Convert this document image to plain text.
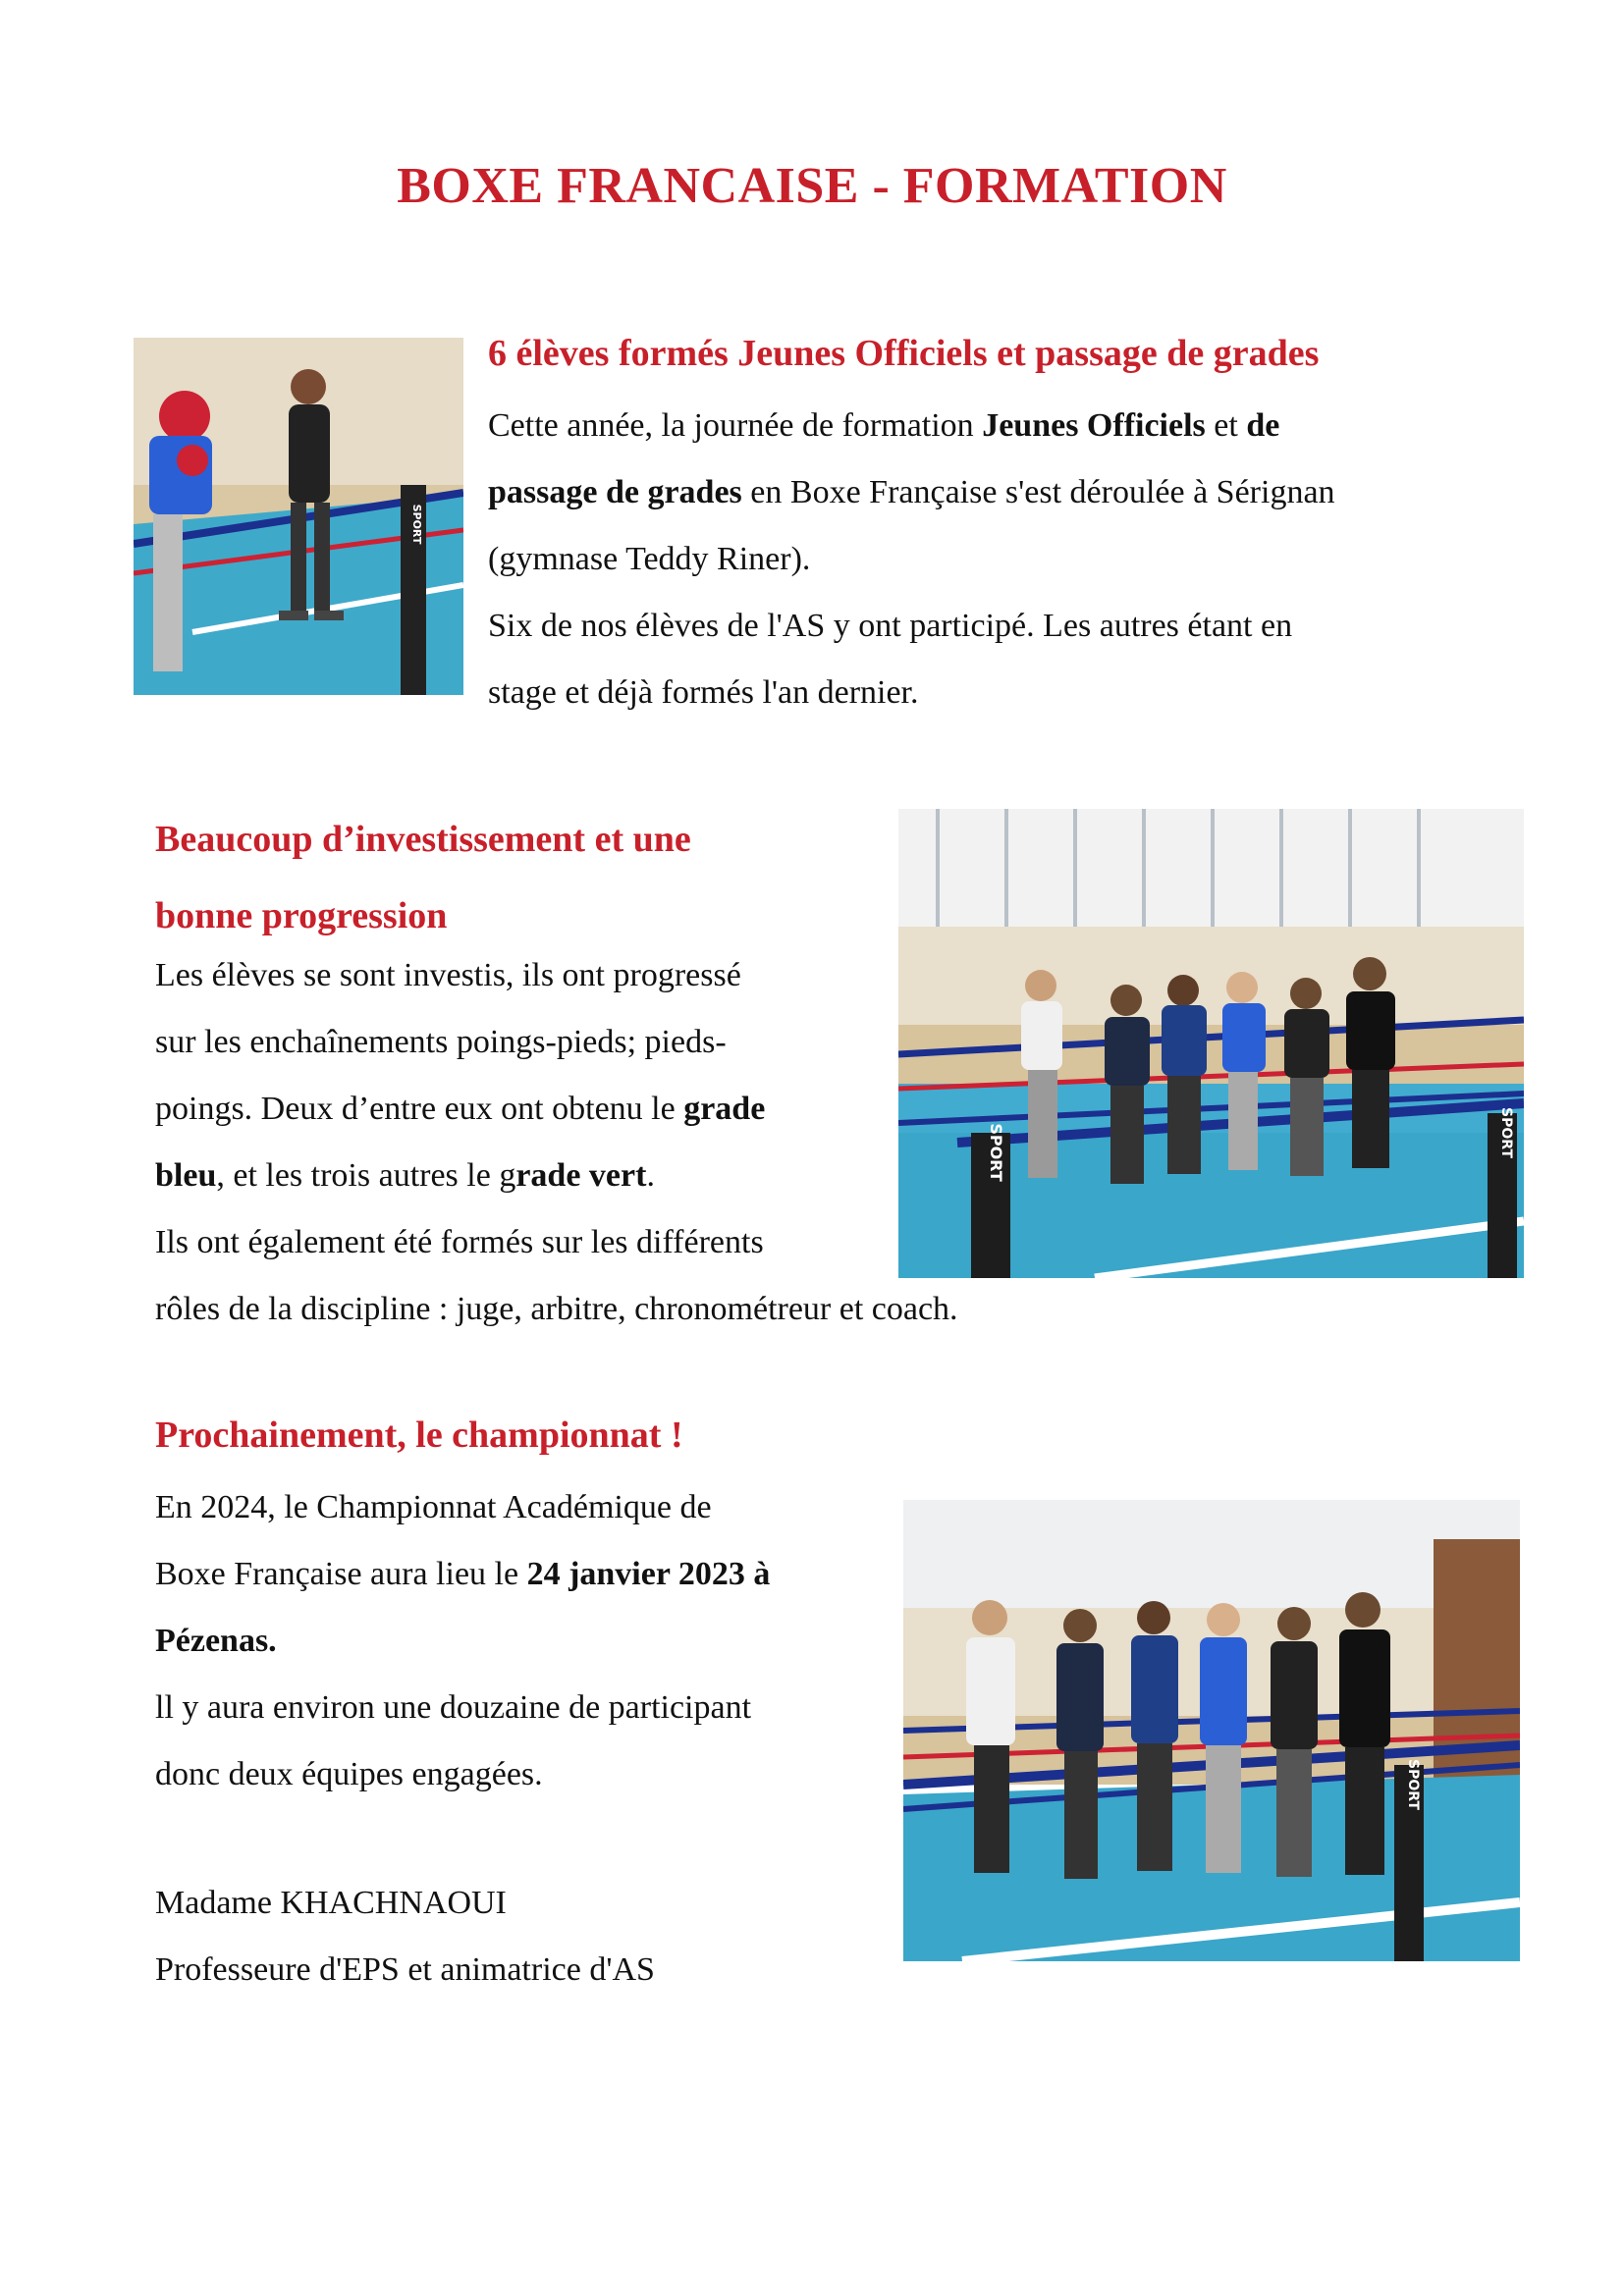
BOXE FRANCAISE - FORMATION
SPORT
6 élèves formés Jeunes Officiels et passage de grades

Cette année, la journée de formation Jeunes Officiels et de
passage de grades en Boxe Française s'est déroulée à Sérignan
(gymnase Teddy Riner).
Six de nos élèves de l'AS y ont participé. Les autres étant en
stage et déjà formés l'an dernier.

Beaucoup d’investissement et une
bonne progression

Les élèves se sont investis, ils ont progressé
sur les enchaînements poings-pieds; pieds-
poings. Deux d’entre eux ont obtenu le grade
bleu, et les trois autres le grade vert.
Ils ont également été formés sur les différents
rôles de la discipline : juge, arbitre, chronométreur et coach.

SPORT	SPORT
Prochainement, le championnat !

En 2024, le Championnat Académique de
Boxe Française aura lieu le 24 janvier 2023 à
Pézenas.
ll y aura environ une douzaine de participant
donc deux équipes engagées.	SPORT

Madame KHACHNAOUI
Professeure d'EPS et animatrice d'AS
